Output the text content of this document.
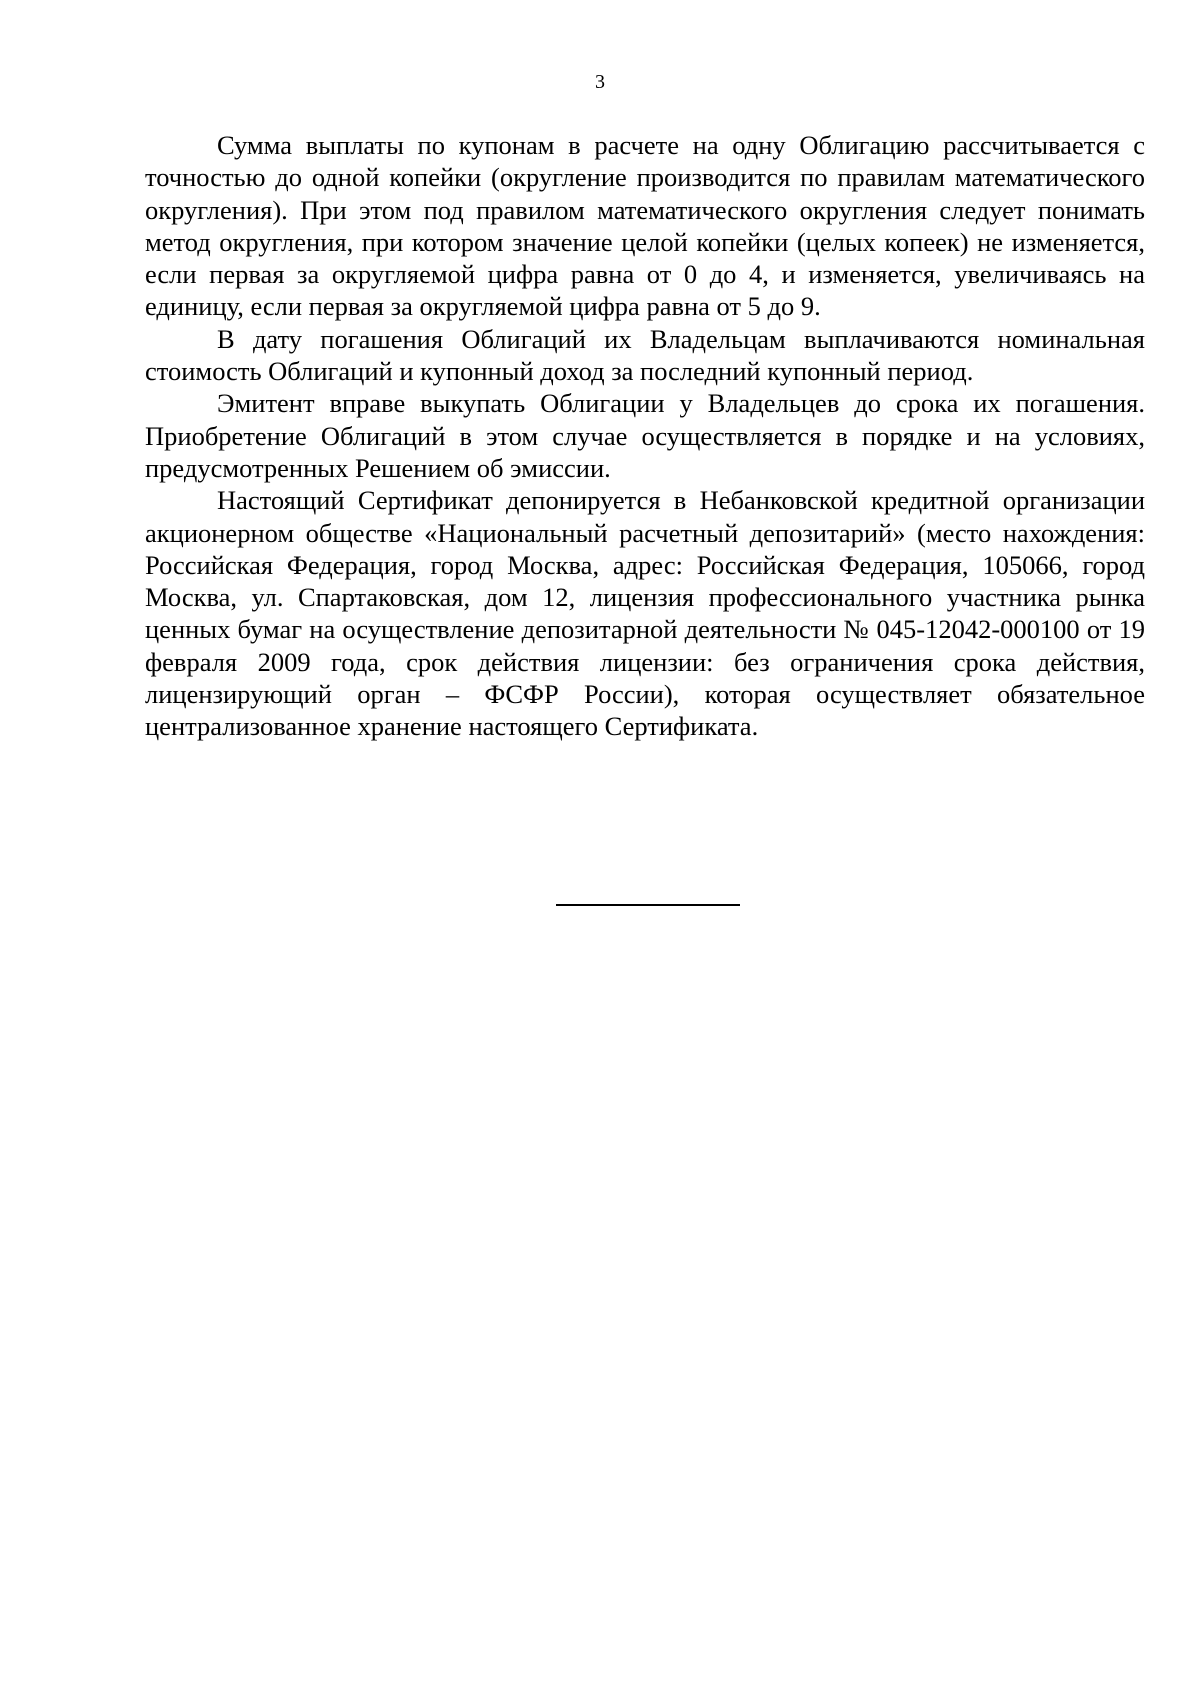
3

Сумма выплаты по купонам в расчете на одну Облигацию рассчитывается с точностью до одной копейки (округление производится по правилам математического округления). При этом под правилом математического округления следует понимать метод округления, при котором значение целой копейки (целых копеек) не изменяется, если первая за округляемой цифра равна от 0 до 4, и изменяется, увеличиваясь на единицу, если первая за округляемой цифра равна от 5 до 9.

В дату погашения Облигаций их Владельцам выплачиваются номинальная стоимость Облигаций и купонный доход за последний купонный период.

Эмитент вправе выкупать Облигации у Владельцев до срока их погашения. Приобретение Облигаций в этом случае осуществляется в порядке и на условиях, предусмотренных Решением об эмиссии.

Настоящий Сертификат депонируется в Небанковской кредитной организации акционерном обществе «Национальный расчетный депозитарий» (место нахождения: Российская Федерация, город Москва, адрес: Российская Федерация, 105066, город Москва, ул. Спартаковская, дом 12, лицензия профессионального участника рынка ценных бумаг на осуществление депозитарной деятельности № 045-12042-000100 от 19 февраля 2009 года, срок действия лицензии: без ограничения срока действия, лицензирующий орган – ФСФР России), которая осуществляет обязательное централизованное хранение настоящего Сертификата.
